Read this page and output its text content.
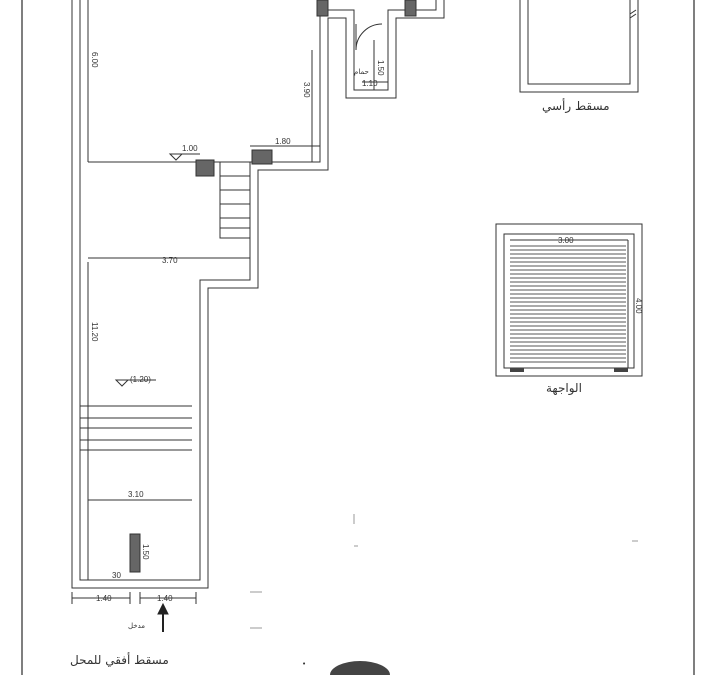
6.00
11.20
3.70
3.10
1.80
3.90	1.10
1.50
1.50
30
1.40	1.40
1.00
(1.20)
حمام
مدخل
مسقط أفقي للمحل
مسقط رأسي
3.00
4.00
الواجهة
•
